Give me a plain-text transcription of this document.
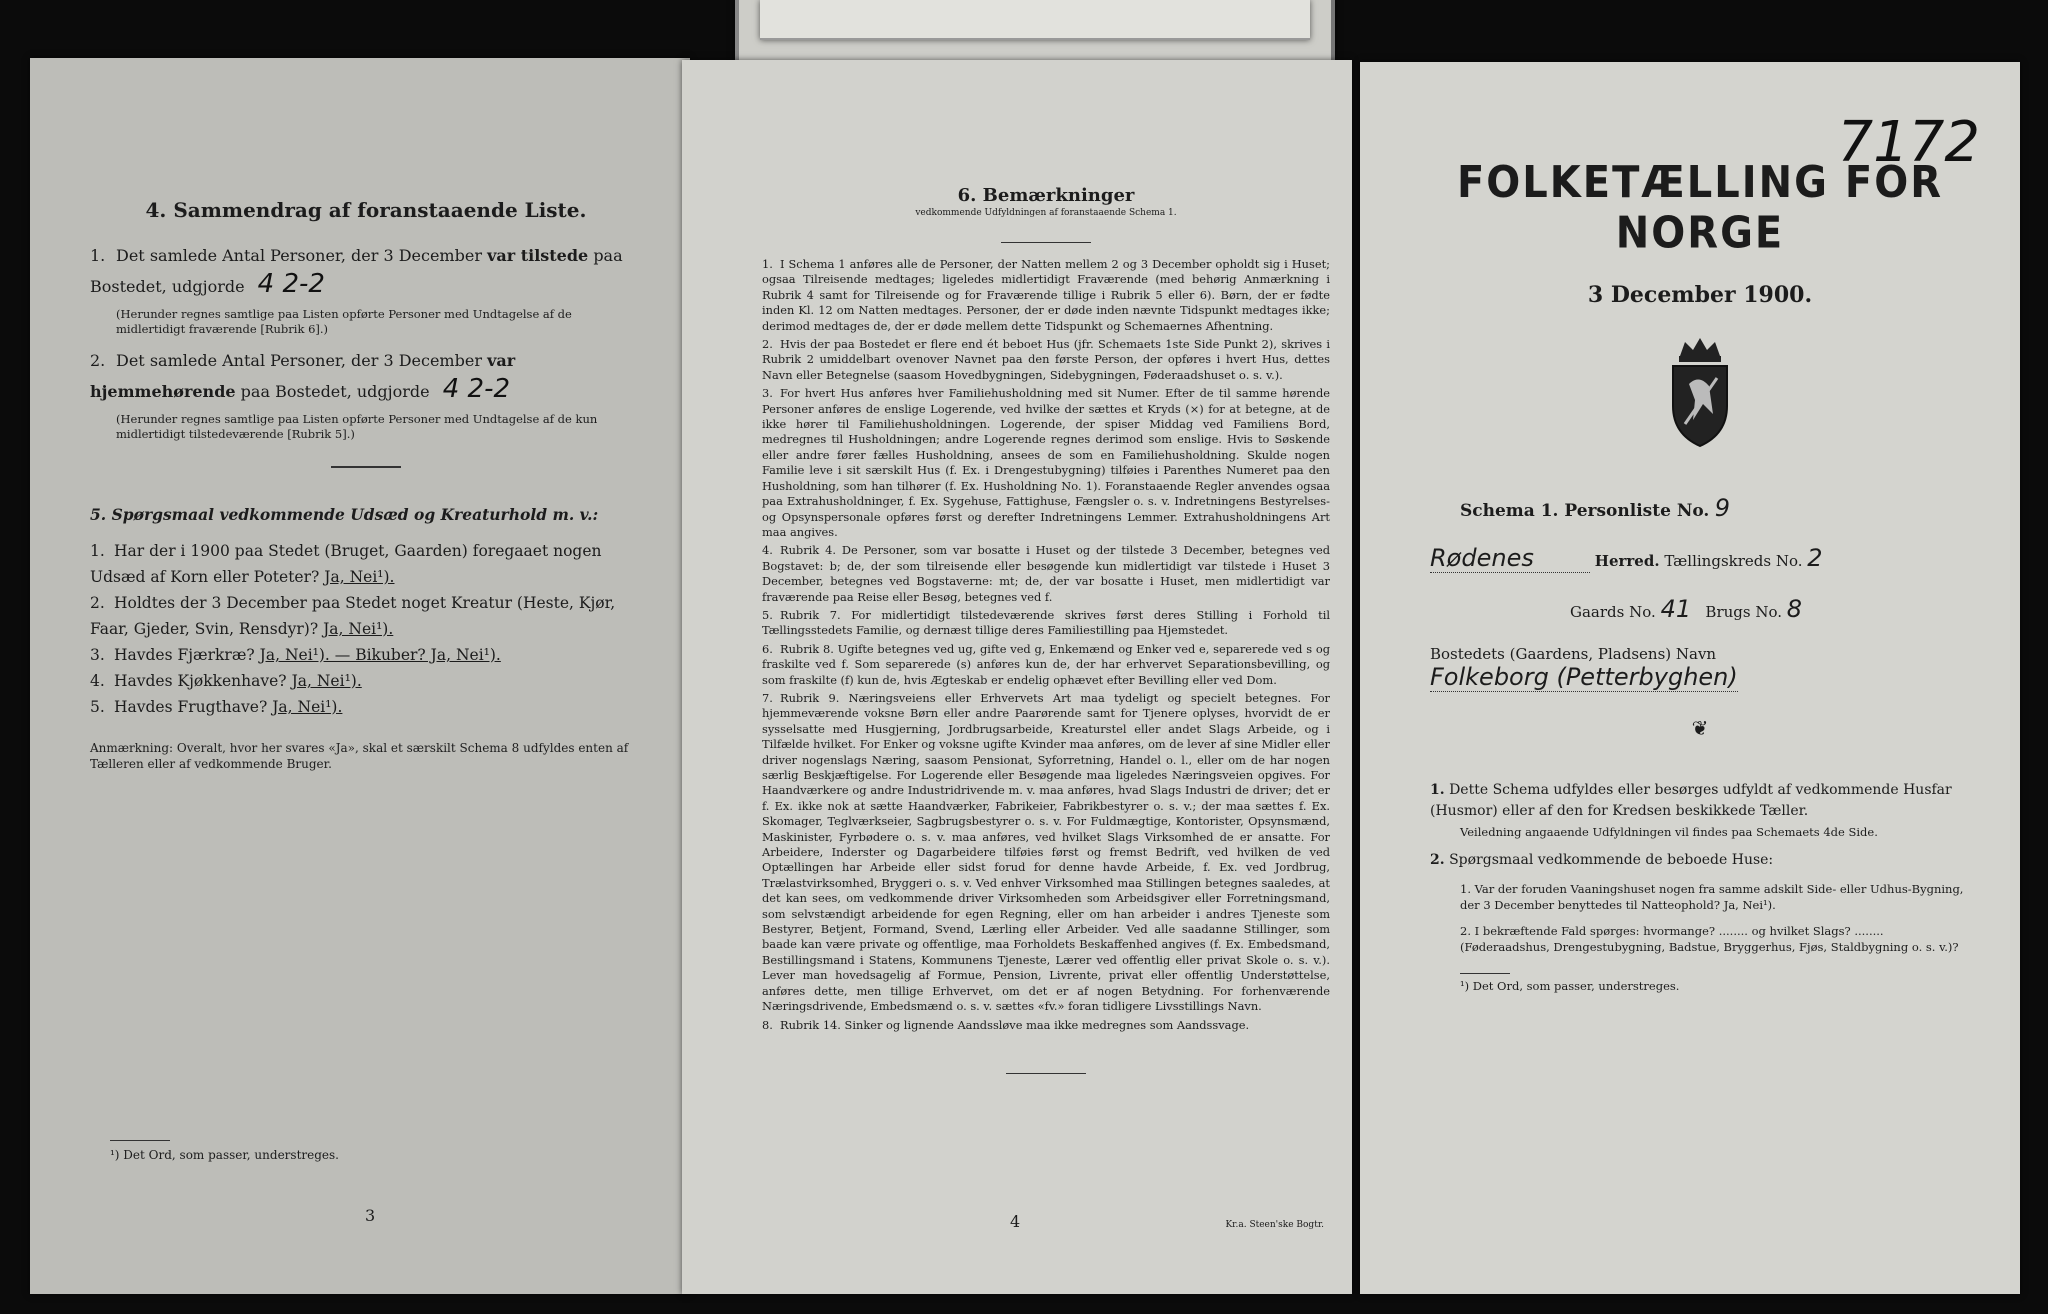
4. Sammendrag af foranstaaende Liste.
1. Det samlede Antal Personer, der 3 December var tilstede paa Bostedet, udgjorde 4 2-2
(Herunder regnes samtlige paa Listen opførte Personer med Undtagelse af de midlertidigt fraværende [Rubrik 6].)
2. Det samlede Antal Personer, der 3 December var hjemmehørende paa Bostedet, udgjorde 4 2-2
(Herunder regnes samtlige paa Listen opførte Personer med Undtagelse af de kun midlertidigt tilstedeværende [Rubrik 5].)
5. Spørgsmaal vedkommende Udsæd og Kreaturhold m. v.:
1. Har der i 1900 paa Stedet (Bruget, Gaarden) foregaaet nogen Udsæd af Korn eller Poteter? Ja, Nei¹).
2. Holdtes der 3 December paa Stedet noget Kreatur (Heste, Kjør, Faar, Gjeder, Svin, Rensdyr)? Ja, Nei¹).
3. Havdes Fjærkræ? Ja, Nei¹). — Bikuber? Ja, Nei¹).
4. Havdes Kjøkkenhave? Ja, Nei¹).
5. Havdes Frugthave? Ja, Nei¹).
Anmærkning: Overalt, hvor her svares «Ja», skal et særskilt Schema 8 udfyldes enten af Tælleren eller af vedkommende Bruger.
¹) Det Ord, som passer, understreges.
3
6. Bemærkninger
vedkommende Udfyldningen af foranstaaende Schema 1.
1. I Schema 1 anføres alle de Personer, der Natten mellem 2 og 3 December opholdt sig i Huset; ogsaa Tilreisende medtages; ligeledes midlertidigt Fraværende (med behørig Anmærkning i Rubrik 4 samt for Tilreisende og for Fraværende tillige i Rubrik 5 eller 6). Børn, der er fødte inden Kl. 12 om Natten medtages. Personer, der er døde inden nævnte Tidspunkt medtages ikke; derimod medtages de, der er døde mellem dette Tidspunkt og Schemaernes Afhentning.
2. Hvis der paa Bostedet er flere end ét beboet Hus (jfr. Schemaets 1ste Side Punkt 2), skrives i Rubrik 2 umiddelbart ovenover Navnet paa den første Person, der opføres i hvert Hus, dettes Navn eller Betegnelse (saasom Hovedbygningen, Sidebygningen, Føderaadshuset o. s. v.).
3. For hvert Hus anføres hver Familiehusholdning med sit Numer. Efter de til samme hørende Personer anføres de enslige Logerende, ved hvilke der sættes et Kryds (×) for at betegne, at de ikke hører til Familiehusholdningen. Logerende, der spiser Middag ved Familiens Bord, medregnes til Husholdningen; andre Logerende regnes derimod som enslige. Hvis to Søskende eller andre fører fælles Husholdning, ansees de som en Familiehusholdning. Skulde nogen Familie leve i sit særskilt Hus (f. Ex. i Drengestubygning) tilføies i Parenthes Numeret paa den Husholdning, som han tilhører (f. Ex. Husholdning No. 1). Foranstaaende Regler anvendes ogsaa paa Extrahusholdninger, f. Ex. Sygehuse, Fattighuse, Fængsler o. s. v. Indretningens Bestyrelses- og Opsynspersonale opføres først og derefter Indretningens Lemmer. Extrahusholdningens Art maa angives.
4. Rubrik 4. De Personer, som var bosatte i Huset og der tilstede 3 December, betegnes ved Bogstavet: b; de, der som tilreisende eller besøgende kun midlertidigt var tilstede i Huset 3 December, betegnes ved Bogstaverne: mt; de, der var bosatte i Huset, men midlertidigt var fraværende paa Reise eller Besøg, betegnes ved f.
5. Rubrik 7. For midlertidigt tilstedeværende skrives først deres Stilling i Forhold til Tællingsstedets Familie, og dernæst tillige deres Familiestilling paa Hjemstedet.
6. Rubrik 8. Ugifte betegnes ved ug, gifte ved g, Enkemænd og Enker ved e, separerede ved s og fraskilte ved f. Som separerede (s) anføres kun de, der har erhvervet Separationsbevilling, og som fraskilte (f) kun de, hvis Ægteskab er endelig ophævet efter Bevilling eller ved Dom.
7. Rubrik 9. Næringsveiens eller Erhvervets Art maa tydeligt og specielt betegnes. For hjemmeværende voksne Børn eller andre Paarørende samt for Tjenere oplyses, hvorvidt de er sysselsatte med Husgjerning, Jordbrugsarbeide, Kreaturstel eller andet Slags Arbeide, og i Tilfælde hvilket. For Enker og voksne ugifte Kvinder maa anføres, om de lever af sine Midler eller driver nogenslags Næring, saasom Pensionat, Syforretning, Handel o. l., eller om de har nogen særlig Beskjæftigelse. For Logerende eller Besøgende maa ligeledes Næringsveien opgives. For Haandværkere og andre Industridrivende m. v. maa anføres, hvad Slags Industri de driver; det er f. Ex. ikke nok at sætte Haandværker, Fabrikeier, Fabrikbestyrer o. s. v.; der maa sættes f. Ex. Skomager, Teglværkseier, Sagbrugsbestyrer o. s. v. For Fuldmægtige, Kontorister, Opsynsmænd, Maskinister, Fyrbødere o. s. v. maa anføres, ved hvilket Slags Virksomhed de er ansatte. For Arbeidere, Inderster og Dagarbeidere tilføies først og fremst Bedrift, ved hvilken de ved Optællingen har Arbeide eller sidst forud for denne havde Arbeide, f. Ex. ved Jordbrug, Trælastvirksomhed, Bryggeri o. s. v. Ved enhver Virksomhed maa Stillingen betegnes saaledes, at det kan sees, om vedkommende driver Virksomheden som Arbeidsgiver eller Forretningsmand, som selvstændigt arbeidende for egen Regning, eller om han arbeider i andres Tjeneste som Bestyrer, Betjent, Formand, Svend, Lærling eller Arbeider. Ved alle saadanne Stillinger, som baade kan være private og offentlige, maa Forholdets Beskaffenhed angives (f. Ex. Embedsmand, Bestillingsmand i Statens, Kommunens Tjeneste, Lærer ved offentlig eller privat Skole o. s. v.). Lever man hovedsagelig af Formue, Pension, Livrente, privat eller offentlig Understøttelse, anføres dette, men tillige Erhvervet, om det er af nogen Betydning. For forhenværende Næringsdrivende, Embedsmænd o. s. v. sættes «fv.» foran tidligere Livsstillings Navn.
8. Rubrik 14. Sinker og lignende Aandssløve maa ikke medregnes som Aandssvage.
4	Kr.a. Steen'ske Bogtr.
7172
FOLKETÆLLING FOR NORGE
3 December 1900.
Schema 1. Personliste No. 9
Rødenes	Herred. Tællingskreds No. 2
Gaards No. 41 Brugs No. 8
Bostedets (Gaardens, Pladsens) Navn Folkeborg (Petterbyghen)
❦
1. Dette Schema udfyldes eller besørges udfyldt af vedkommende Husfar (Husmor) eller af den for Kredsen beskikkede Tæller.
Veiledning angaaende Udfyldningen vil findes paa Schemaets 4de Side.
2. Spørgsmaal vedkommende de beboede Huse:
1. Var der foruden Vaaningshuset nogen fra samme adskilt Side- eller Udhus-Bygning, der 3 December benyttedes til Natteophold? Ja, Nei¹).
2. I bekræftende Fald spørges: hvormange? ........ og hvilket Slags? ........ (Føderaadshus, Drengestubygning, Badstue, Bryggerhus, Fjøs, Staldbygning o. s. v.)?
¹) Det Ord, som passer, understreges.
